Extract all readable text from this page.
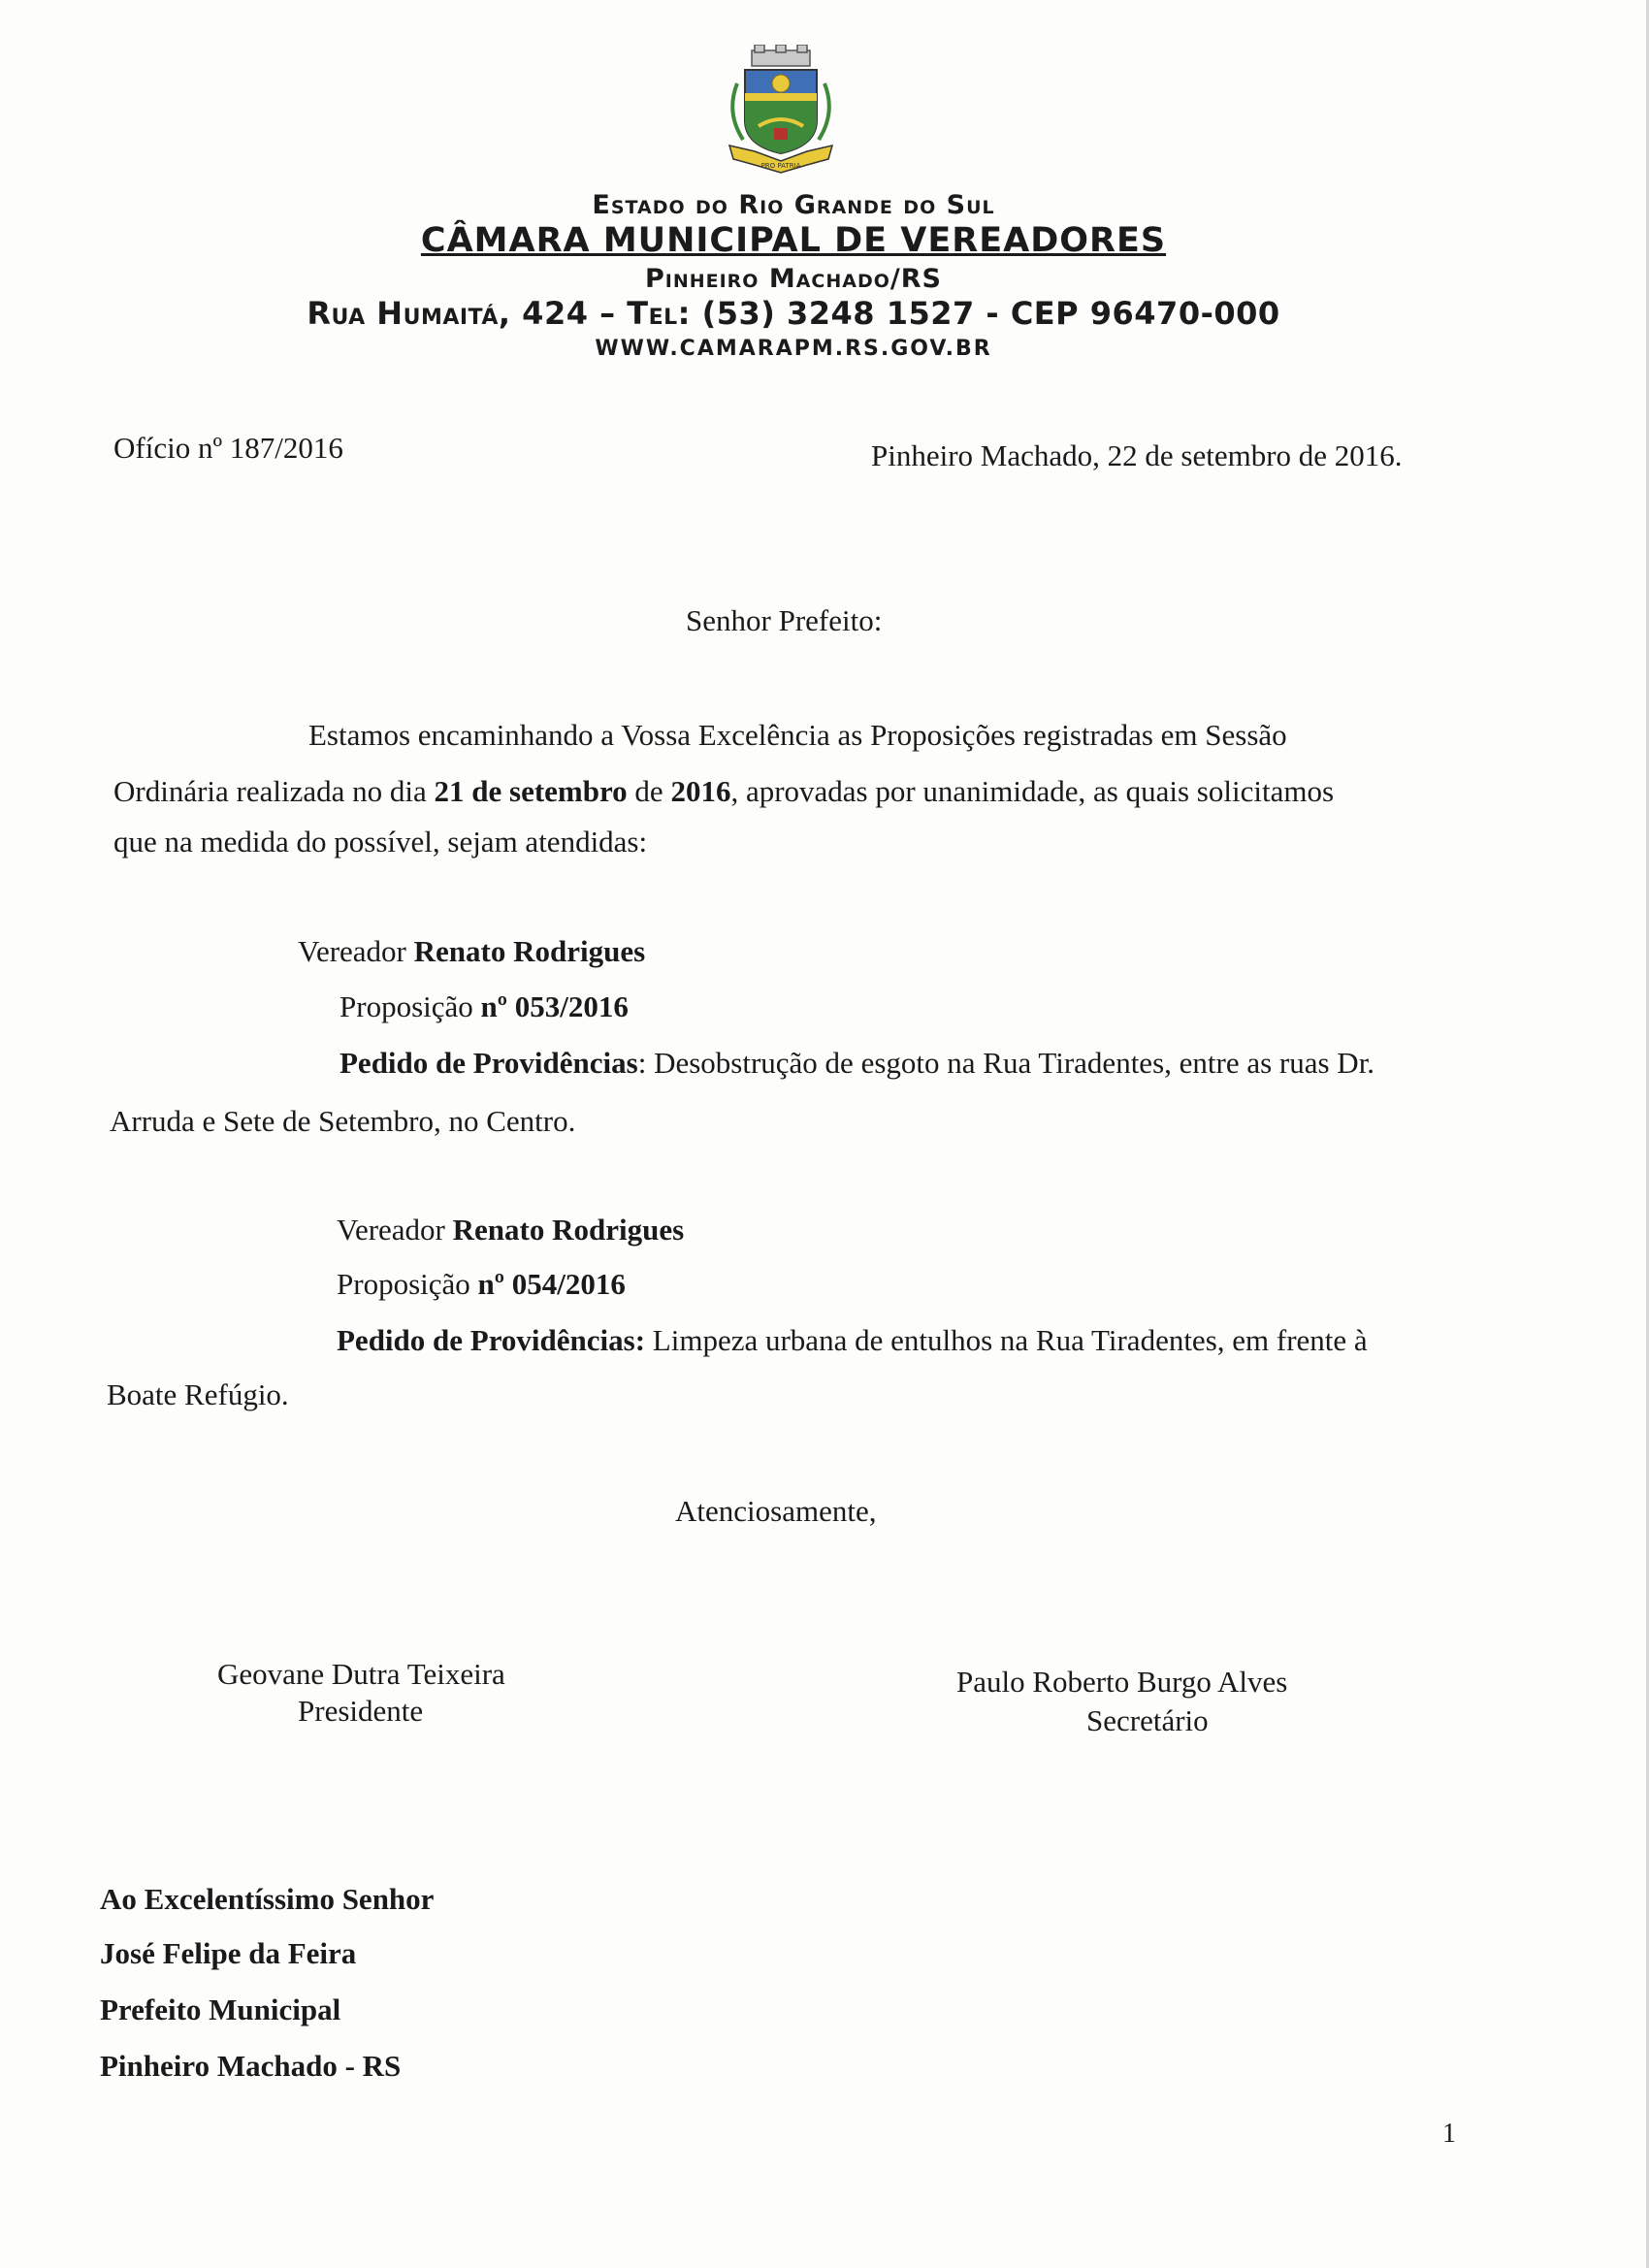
PRO PATRIA
Estado do Rio Grande do Sul
CÂMARA MUNICIPAL DE VEREADORES
Pinheiro Machado/RS
Rua Humaitá, 424 – Tel: (53) 3248 1527 - CEP 96470-000
WWW.CAMARAPM.RS.GOV.BR
Ofício nº 187/2016	Pinheiro Machado, 22 de setembro de 2016.
Senhor Prefeito:
Estamos encaminhando a Vossa Excelência as Proposições registradas em Sessão
Ordinária realizada no dia 21 de setembro de 2016, aprovadas por unanimidade, as quais solicitamos
que na medida do possível, sejam atendidas:
Vereador Renato Rodrigues
Proposição nº 053/2016
Pedido de Providências: Desobstrução de esgoto na Rua Tiradentes, entre as ruas Dr.
Arruda e Sete de Setembro, no Centro.
Vereador Renato Rodrigues
Proposição nº 054/2016
Pedido de Providências: Limpeza urbana de entulhos na Rua Tiradentes, em frente à
Boate Refúgio.
Atenciosamente,
Geovane Dutra Teixeira
Presidente
Paulo Roberto Burgo Alves
Secretário
Ao Excelentíssimo Senhor
José Felipe da Feira
Prefeito Municipal
Pinheiro Machado - RS
1
